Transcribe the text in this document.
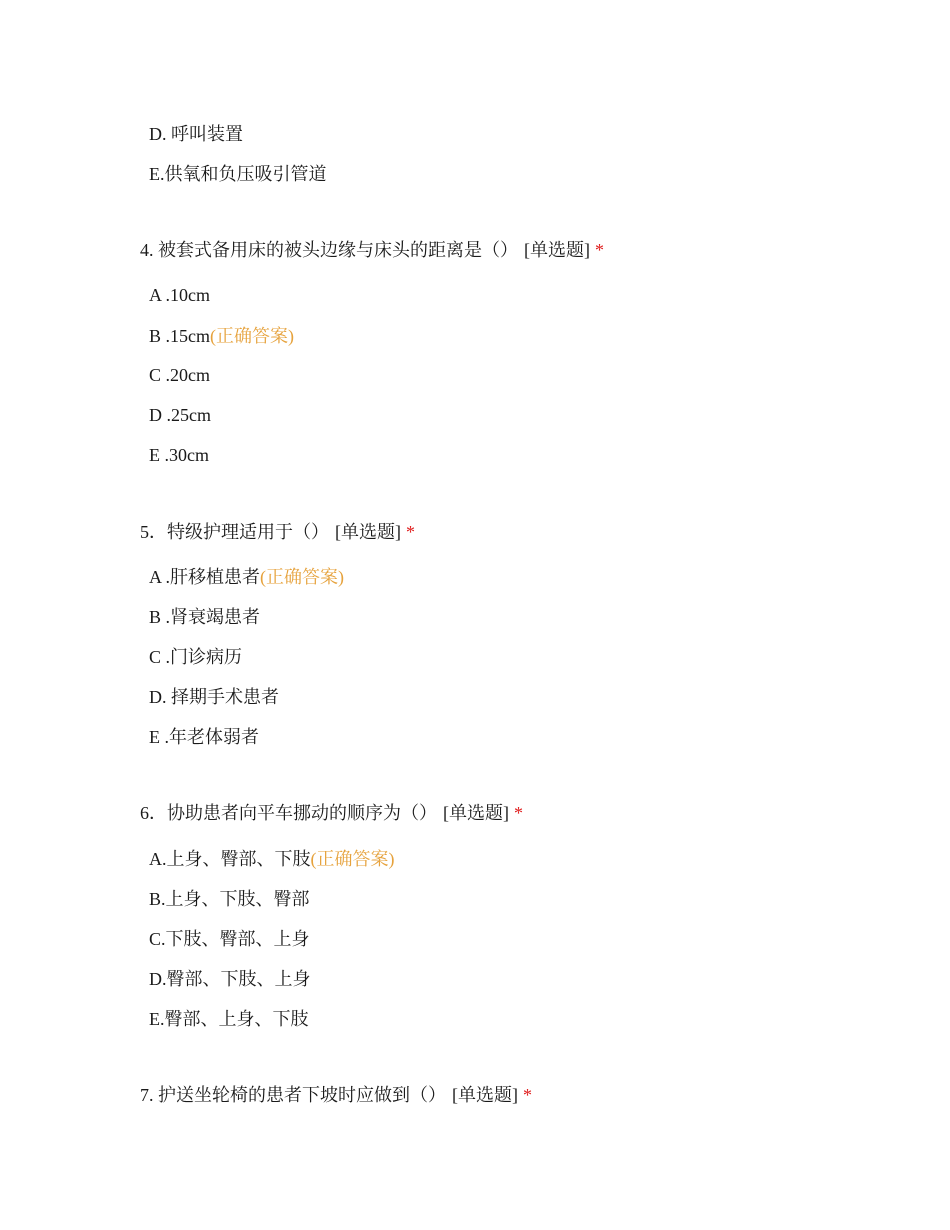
D. 呼叫装置
E.供氧和负压吸引管道
4. 被套式备用床的被头边缘与床头的距离是（） [单选题] *
A .10cm
B .15cm(正确答案)
C .20cm
D .25cm
E .30cm
5．特级护理适用于（） [单选题] *
A .肝移植患者(正确答案)
B .肾衰竭患者
C .门诊病历
D. 择期手术患者
E .年老体弱者
6．协助患者向平车挪动的顺序为（） [单选题] *
A.上身、臀部、下肢(正确答案)
B.上身、下肢、臀部
C.下肢、臀部、上身
D.臀部、下肢、上身
E.臀部、上身、下肢
7. 护送坐轮椅的患者下坡时应做到（） [单选题] *
